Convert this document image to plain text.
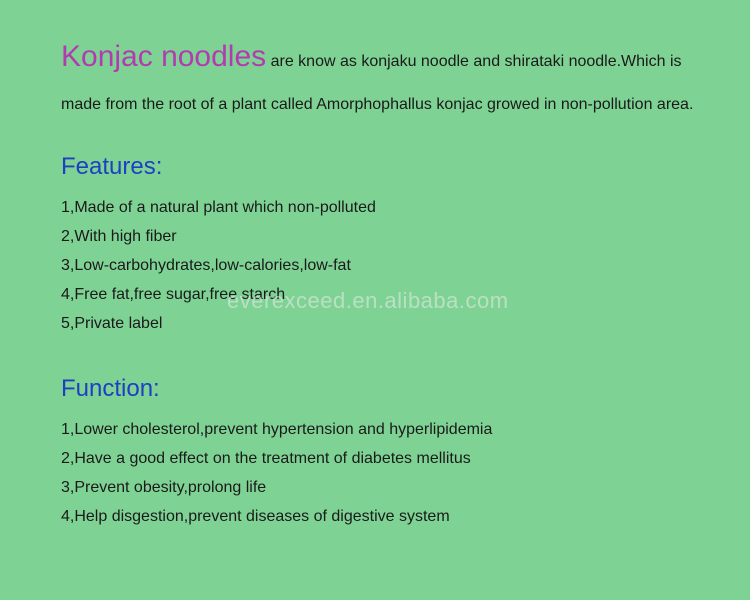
Konjac noodles are know as konjaku noodle and shirataki noodle.Which is
made from the root of a plant called Amorphophallus konjac growed in non-pollution area.
Features:

1,Made of a natural plant which non-polluted

2,With high fiber

3,Low-carbohydrates,low-calories,low-fat

4,Free fat,free sugar,free starch

5,Private label

Function:

1,Lower cholesterol,prevent hypertension and hyperlipidemia

2,Have a good effect on the treatment of diabetes mellitus

3,Prevent obesity,prolong life

4,Help disgestion,prevent diseases of digestive system

everexceed.en.alibaba.com
